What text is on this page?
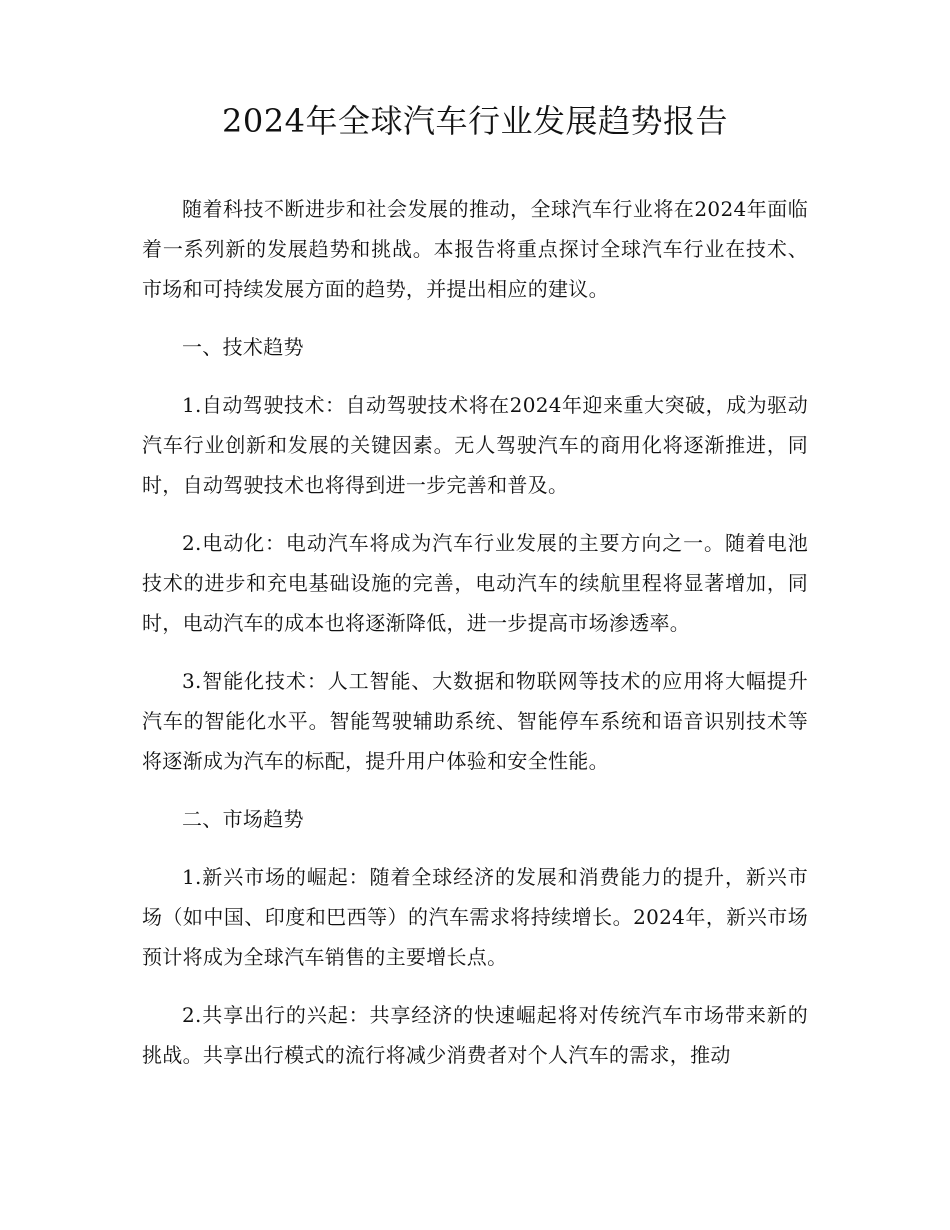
2024年全球汽车行业发展趋势报告

随着科技不断进步和社会发展的推动，全球汽车行业将在2024年面临着一系列新的发展趋势和挑战。本报告将重点探讨全球汽车行业在技术、市场和可持续发展方面的趋势，并提出相应的建议。

一、技术趋势

1.自动驾驶技术：自动驾驶技术将在2024年迎来重大突破，成为驱动汽车行业创新和发展的关键因素。无人驾驶汽车的商用化将逐渐推进，同时，自动驾驶技术也将得到进一步完善和普及。

2.电动化：电动汽车将成为汽车行业发展的主要方向之一。随着电池技术的进步和充电基础设施的完善，电动汽车的续航里程将显著增加，同时，电动汽车的成本也将逐渐降低，进一步提高市场渗透率。

3.智能化技术：人工智能、大数据和物联网等技术的应用将大幅提升汽车的智能化水平。智能驾驶辅助系统、智能停车系统和语音识别技术等将逐渐成为汽车的标配，提升用户体验和安全性能。

二、市场趋势

1.新兴市场的崛起：随着全球经济的发展和消费能力的提升，新兴市场（如中国、印度和巴西等）的汽车需求将持续增长。2024年，新兴市场预计将成为全球汽车销售的主要增长点。

2.共享出行的兴起：共享经济的快速崛起将对传统汽车市场带来新的挑战。共享出行模式的流行将减少消费者对个人汽车的需求，推动
